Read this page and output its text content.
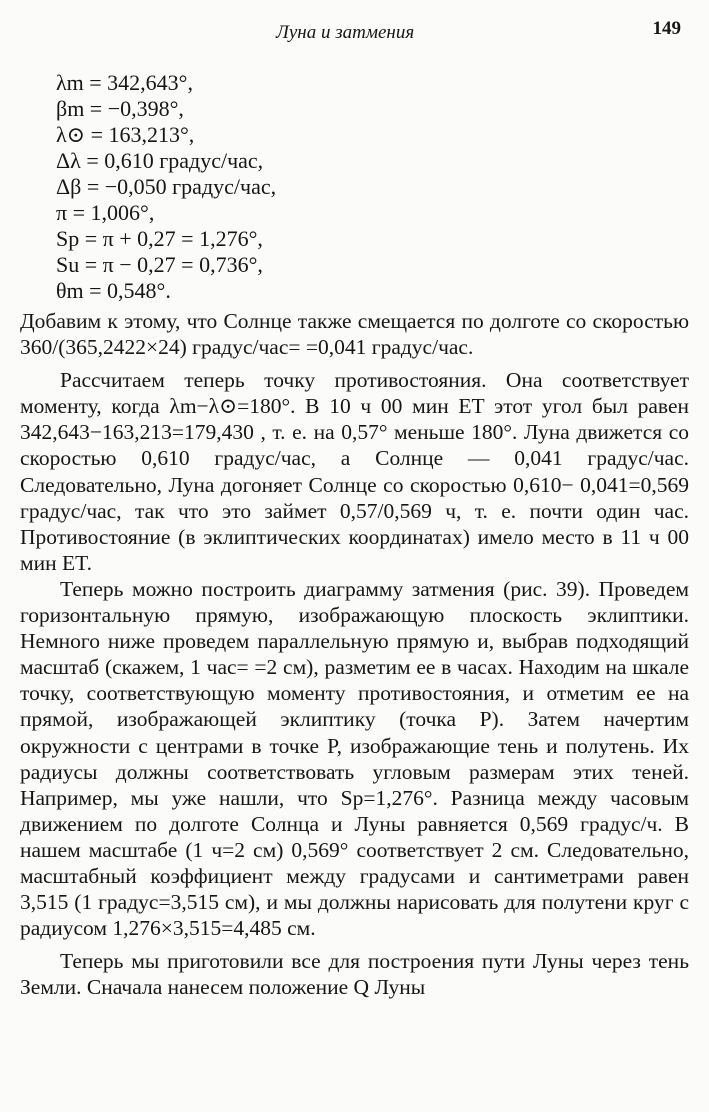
Луна и затмения	149
λm = 342,643°,
βm = −0,398°,
λ⊙ = 163,213°,
Δλ = 0,610 градус/час,
Δβ = −0,050 градус/час,
π = 1,006°,
Sp = π + 0,27 = 1,276°,
Su = π − 0,27 = 0,736°,
θm = 0,548°.

Добавим к этому, что Солнце также смещается по долготе со скоростью 360/(365,2422×24) градус/час= =0,041 градус/час.

Рассчитаем теперь точку противостояния. Она соответствует моменту, когда λm−λ⊙=180°. В 10 ч 00 мин ET этот угол был равен 342,643−163,213=179,430 , т. е. на 0,57° меньше 180°. Луна движется со скоростью 0,610 градус/час, а Солнце — 0,041 градус/час. Следовательно, Луна догоняет Солнце со скоростью 0,610− 0,041=0,569 градус/час, так что это займет 0,57/0,569 ч, т. е. почти один час. Противостояние (в эклиптических координатах) имело место в 11 ч 00 мин ET.

Теперь можно построить диаграмму затмения (рис. 39). Проведем горизонтальную прямую, изображающую плоскость эклиптики. Немного ниже проведем параллельную прямую и, выбрав подходящий масштаб (скажем, 1 час= =2 см), разметим ее в часах. Находим на шкале точку, соответствующую моменту противостояния, и отметим ее на прямой, изображающей эклиптику (точка P). Затем начертим окружности с центрами в точке P, изображающие тень и полутень. Их радиусы должны соответствовать угловым размерам этих теней. Например, мы уже нашли, что Sp=1,276°. Разница между часовым движением по долготе Солнца и Луны равняется 0,569 градус/ч. В нашем масштабе (1 ч=2 см) 0,569° соответствует 2 см. Следовательно, масштабный коэффициент между градусами и сантиметрами равен 3,515 (1 градус=3,515 см), и мы должны нарисовать для полутени круг с радиусом 1,276×3,515=4,485 см.

Теперь мы приготовили все для построения пути Луны через тень Земли. Сначала нанесем положение Q Луны
